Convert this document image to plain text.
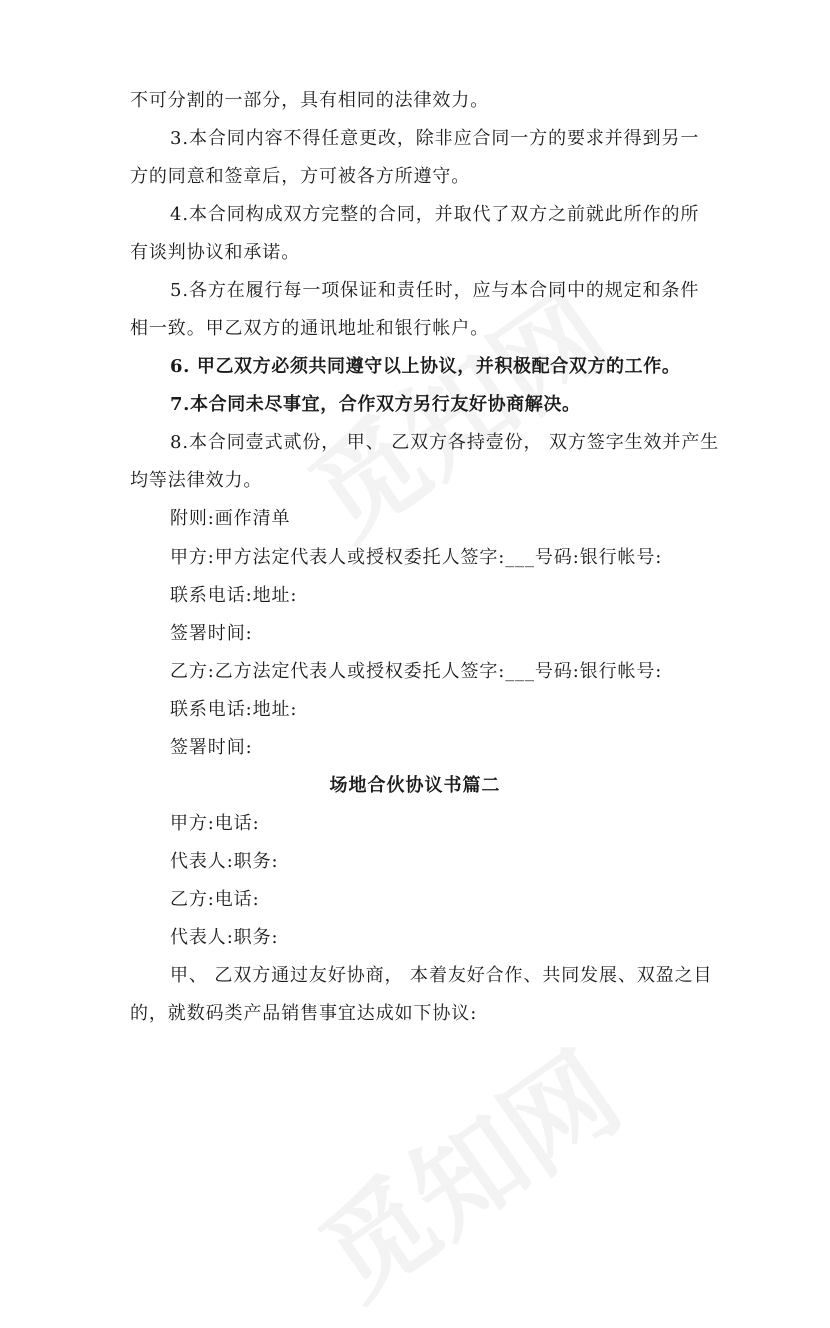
不可分割的一部分，具有相同的法律效力。
3.本合同内容不得任意更改，除非应合同一方的要求并得到另一
方的同意和签章后，方可被各方所遵守。
4.本合同构成双方完整的合同，并取代了双方之前就此所作的所
有谈判协议和承诺。
5.各方在履行每一项保证和责任时，应与本合同中的规定和条件
相一致。甲乙双方的通讯地址和银行帐户。
6. 甲乙双方必须共同遵守以上协议，并积极配合双方的工作。
7.本合同未尽事宜，合作双方另行友好协商解决。
8.本合同壹式贰份， 甲、 乙双方各持壹份， 双方签字生效并产生
均等法律效力。
附则:画作清单
甲方:甲方法定代表人或授权委托人签字:___号码:银行帐号:
联系电话:地址:
签署时间:
乙方:乙方法定代表人或授权委托人签字:___号码:银行帐号:
联系电话:地址:
签署时间:
场地合伙协议书篇二
甲方:电话:
代表人:职务:
乙方:电话:
代表人:职务:
甲、 乙双方通过友好协商， 本着友好合作、共同发展、双盈之目
的，就数码类产品销售事宜达成如下协议:
